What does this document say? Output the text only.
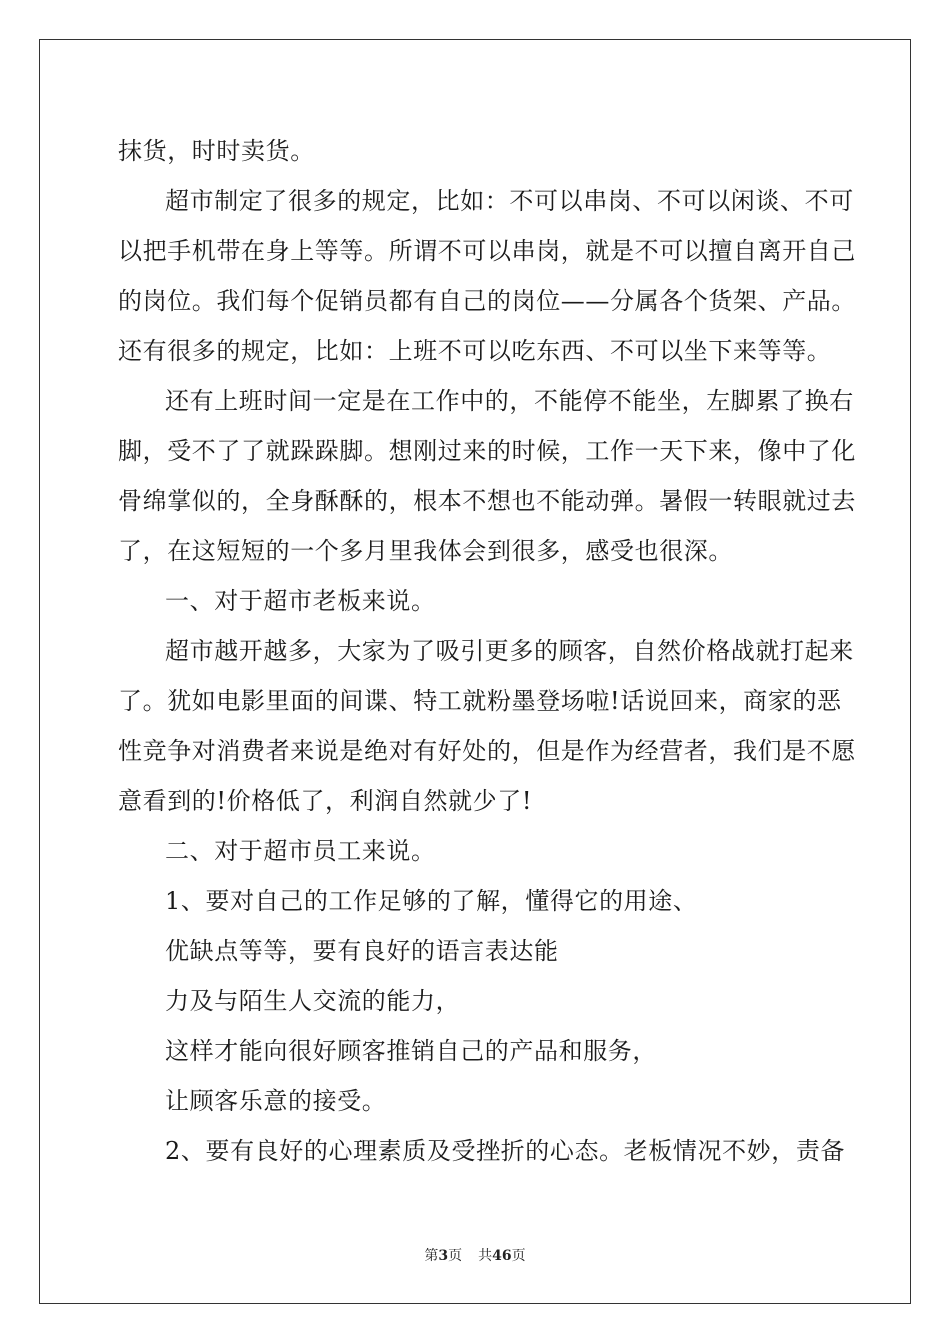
抹货，时时卖货。
超市制定了很多的规定，比如：不可以串岗、不可以闲谈、不可
以把手机带在身上等等。所谓不可以串岗，就是不可以擅自离开自己
的岗位。我们每个促销员都有自己的岗位——分属各个货架、产品。
还有很多的规定，比如：上班不可以吃东西、不可以坐下来等等。
还有上班时间一定是在工作中的，不能停不能坐，左脚累了换右
脚，受不了了就跺跺脚。想刚过来的时候，工作一天下来，像中了化
骨绵掌似的，全身酥酥的，根本不想也不能动弹。暑假一转眼就过去
了，在这短短的一个多月里我体会到很多，感受也很深。
一、对于超市老板来说。
超市越开越多，大家为了吸引更多的顾客，自然价格战就打起来
了。犹如电影里面的间谍、特工就粉墨登场啦!话说回来，商家的恶
性竞争对消费者来说是绝对有好处的，但是作为经营者，我们是不愿
意看到的!价格低了，利润自然就少了!
二、对于超市员工来说。
1、要对自己的工作足够的了解，懂得它的用途、
优缺点等等，要有良好的语言表达能
力及与陌生人交流的能力，
这样才能向很好顾客推销自己的产品和服务，
让顾客乐意的接受。
2、要有良好的心理素质及受挫折的心态。老板情况不妙，责备
第3页 共46页
